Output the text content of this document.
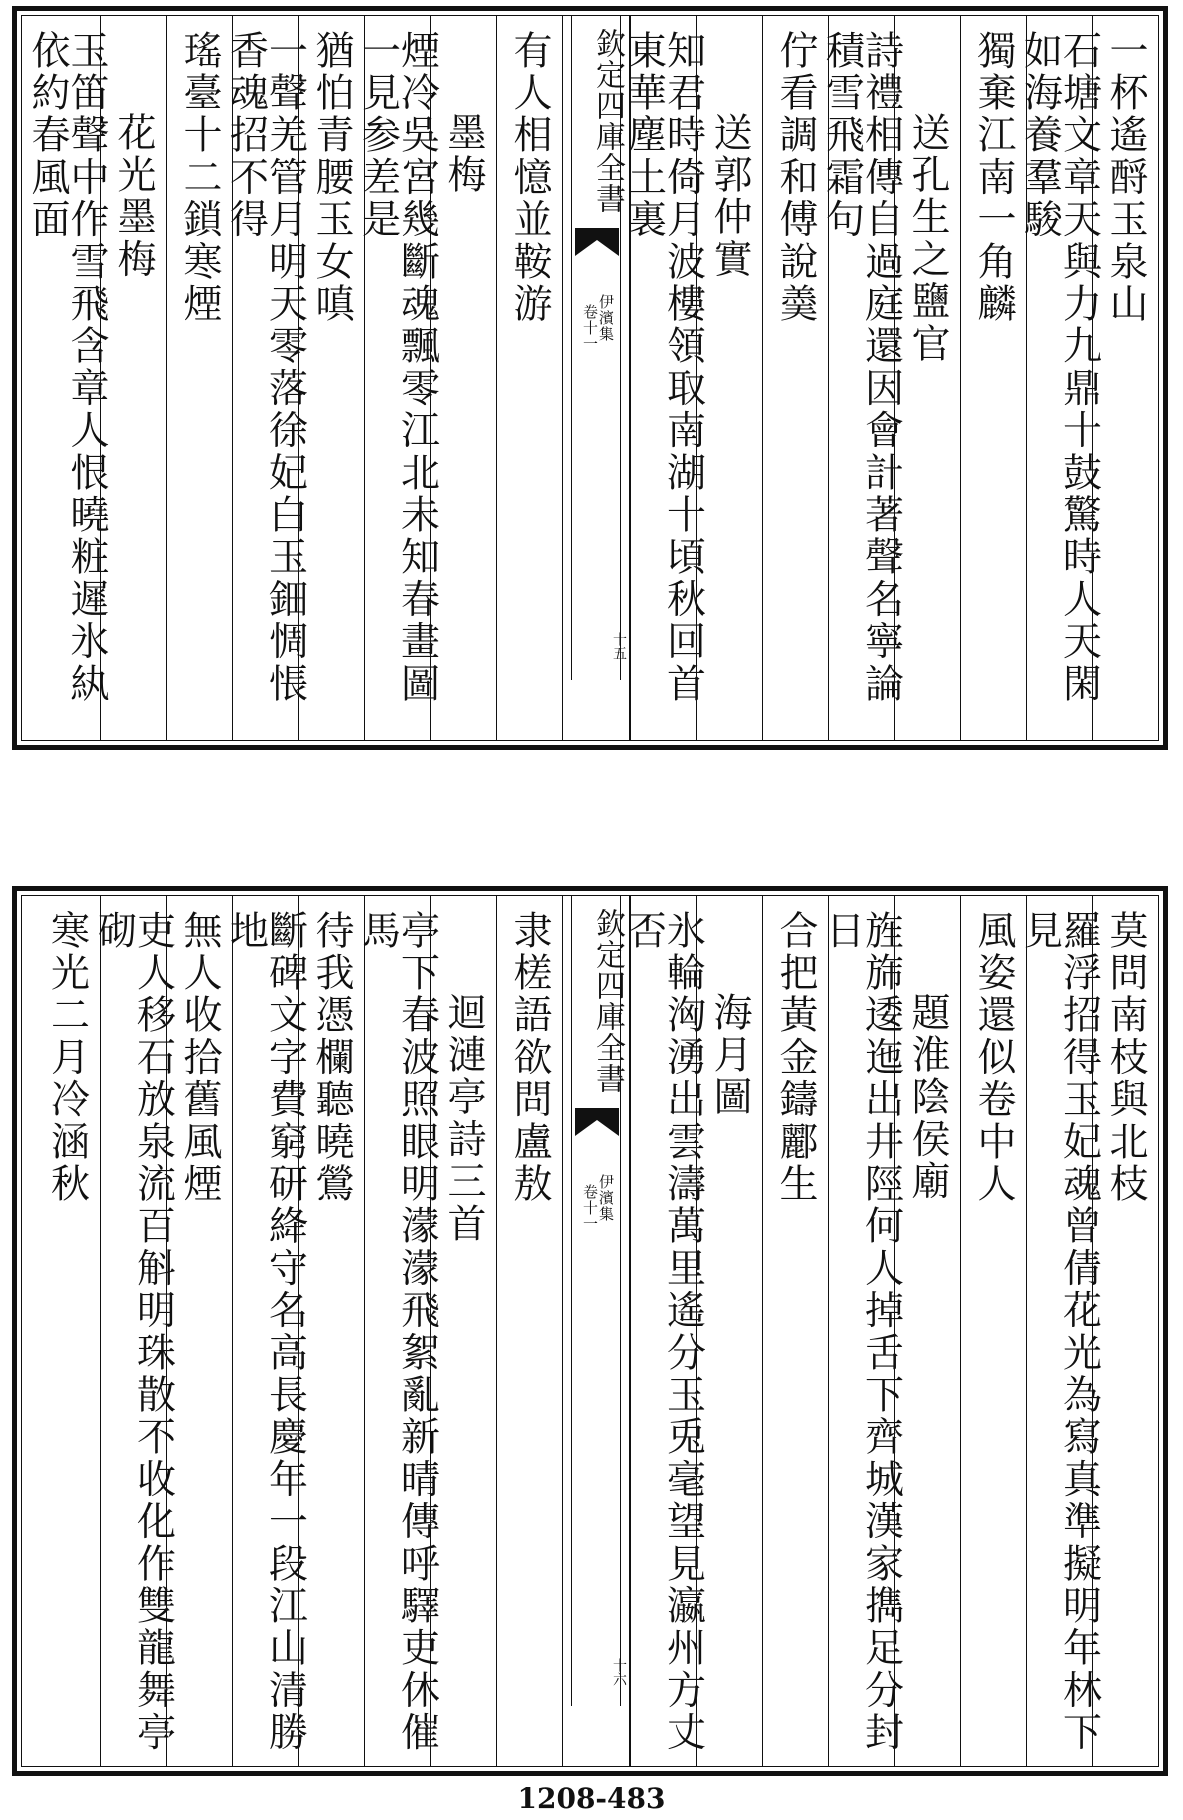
一杯遙酹玉泉山
石塘文章天與力九鼎十鼓驚時人天閑如海養羣駿
獨棄江南一角麟
送孔生之鹽官
詩禮相傳自過庭還因會計著聲名寧論積雪飛霜句
佇看調和傅說羮
送郭仲實
知君時倚月波樓領取南湖十頃秋回首東華塵土裏
欽定四庫全書
伊濱集
卷十一
十五
有人相憶並鞍游
墨梅
煙冷吳宮幾斷魂飄零江北未知春畫圖一見参差是
猶怕青腰玉女嗔
一聲羌管月明天零落徐妃白玉鈿惆悵香魂招不得
瑤臺十二鎖寒煙
花光墨梅
玉笛聲中作雪飛含章人恨曉粧遲氷紈依約春風面
莫問南枝與北枝
羅浮招得玉妃魂曾倩花光為寫真準擬明年林下見
風姿還似卷中人
題淮陰侯廟
旌旆逶迤出井陘何人掉舌下齊城漢家擕足分封日
合把黃金鑄酈生
海月圖
氷輪洶湧出雲濤萬里遙分玉兎毫望見瀛州方丈否
欽定四庫全書
伊濱集
卷十一
十六
隶槎語欲問盧敖
迴漣亭詩三首
亭下春波照眼明濛濛飛絮亂新晴傳呼驛吏休催馬
待我憑欄聽曉鶯
斷碑文字費窮研絳守名高長慶年一段江山清勝地
無人收拾舊風煙
吏人移石放泉流百斛明珠散不收化作雙龍舞亭砌
寒光二月冷涵秋
1208-483
